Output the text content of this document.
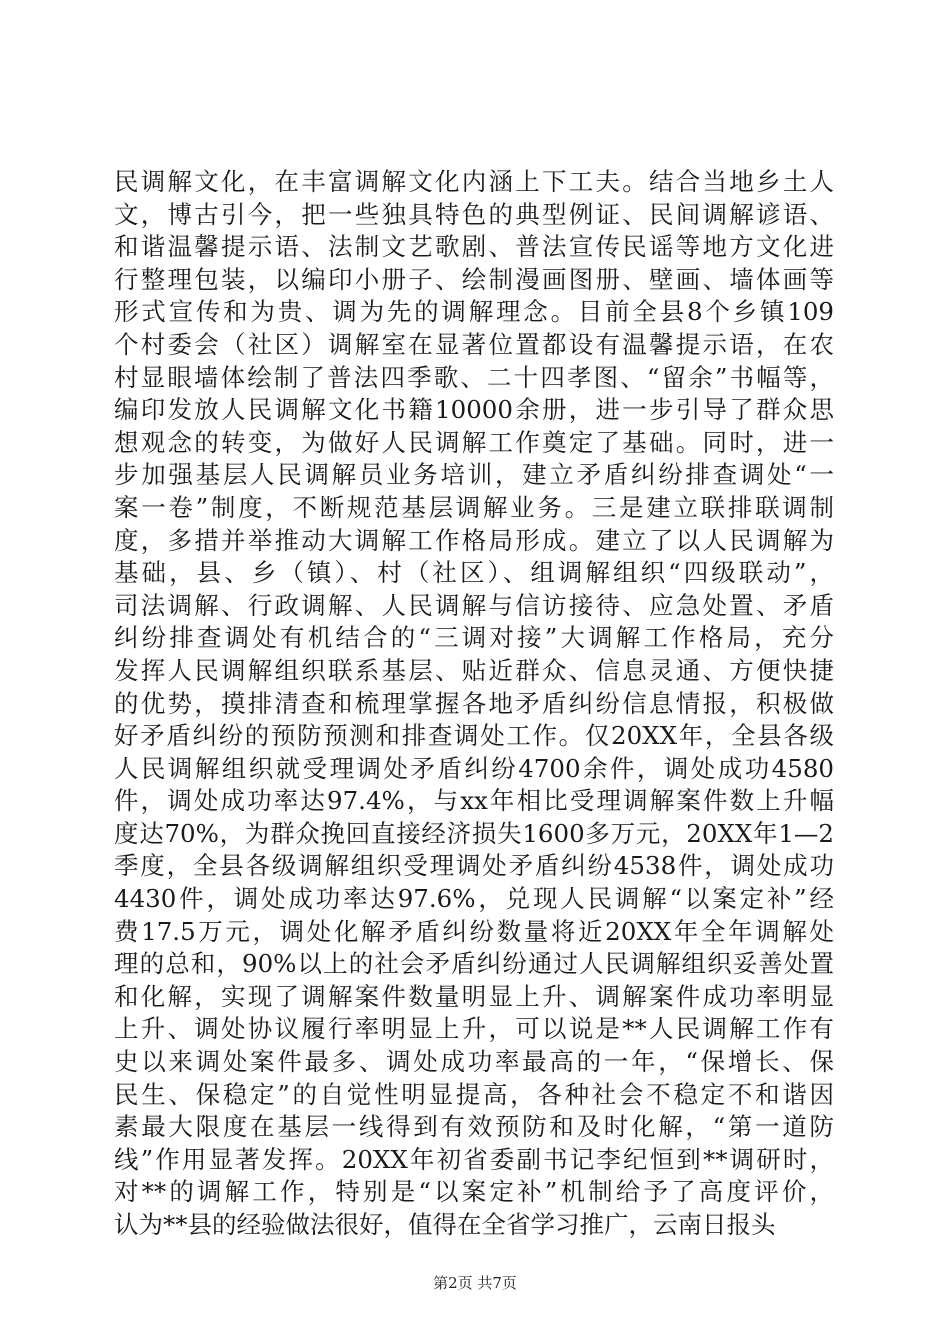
民调解文化，在丰富调解文化内涵上下工夫。结合当地乡土人
文，博古引今，把一些独具特色的典型例证、民间调解谚语、
和谐温馨提示语、法制文艺歌剧、普法宣传民谣等地方文化进
行整理包装，以编印小册子、绘制漫画图册、壁画、墙体画等
形式宣传和为贵、调为先的调解理念。目前全县8个乡镇109
个村委会（社区）调解室在显著位置都设有温馨提示语，在农
村显眼墙体绘制了普法四季歌、二十四孝图、“留余”书幅等，
编印发放人民调解文化书籍10000余册，进一步引导了群众思
想观念的转变，为做好人民调解工作奠定了基础。同时，进一
步加强基层人民调解员业务培训，建立矛盾纠纷排查调处“一
案一卷”制度，不断规范基层调解业务。三是建立联排联调制
度，多措并举推动大调解工作格局形成。建立了以人民调解为
基础，县、乡（镇）、村（社区）、组调解组织“四级联动”，
司法调解、行政调解、人民调解与信访接待、应急处置、矛盾
纠纷排查调处有机结合的“三调对接”大调解工作格局，充分
发挥人民调解组织联系基层、贴近群众、信息灵通、方便快捷
的优势，摸排清查和梳理掌握各地矛盾纠纷信息情报，积极做
好矛盾纠纷的预防预测和排查调处工作。仅20XX年，全县各级
人民调解组织就受理调处矛盾纠纷4700余件，调处成功4580
件，调处成功率达97.4%，与xx年相比受理调解案件数上升幅
度达70%，为群众挽回直接经济损失1600多万元，20XX年1—2
季度，全县各级调解组织受理调处矛盾纠纷4538件，调处成功
4430件，调处成功率达97.6%，兑现人民调解“以案定补”经
费17.5万元，调处化解矛盾纠纷数量将近20XX年全年调解处
理的总和，90%以上的社会矛盾纠纷通过人民调解组织妥善处置
和化解，实现了调解案件数量明显上升、调解案件成功率明显
上升、调处协议履行率明显上升，可以说是**人民调解工作有
史以来调处案件最多、调处成功率最高的一年，“保增长、保
民生、保稳定”的自觉性明显提高，各种社会不稳定不和谐因
素最大限度在基层一线得到有效预防和及时化解，“第一道防
线”作用显著发挥。20XX年初省委副书记李纪恒到**调研时，
对**的调解工作，特别是“以案定补”机制给予了高度评价，
认为**县的经验做法很好，值得在全省学习推广，云南日报头
第2页 共7页
